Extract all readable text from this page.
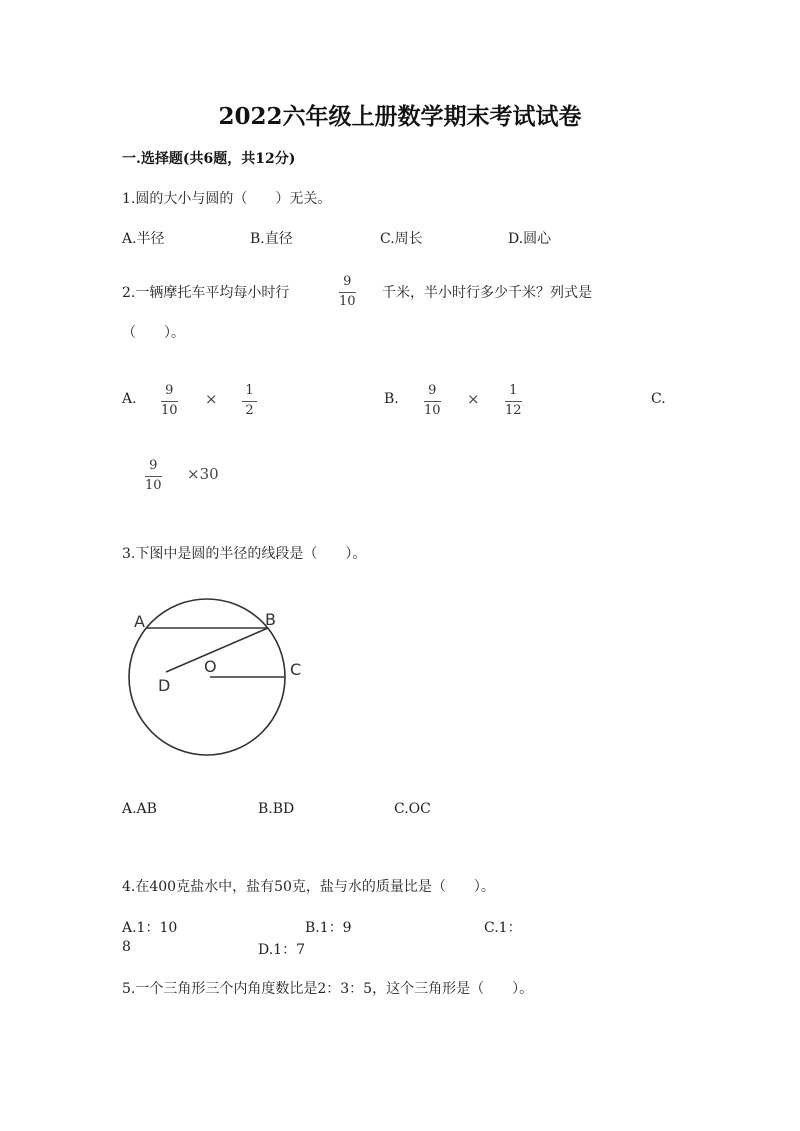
2022六年级上册数学期末考试试卷
一.选择题(共6题，共12分)
1.圆的大小与圆的（　　）无关。
A.半径	B.直径	C.周长	D.圆心
2.一辆摩托车平均每小时行
9
10
千米，半小时行多少千米？列式是
（　　）。
A.
9
10
× 1
2
B.
9
10
× 1
12
C.
9
10
×30
3.下图中是圆的半径的线段是（　　）。
A	B
C
D
O
A.AB	B.BD	C.OC
4.在400克盐水中，盐有50克，盐与水的质量比是（　　）。
A.1：10	B.1：9	C.1：
8	D.1：7
5.一个三角形三个内角度数比是2：3：5，这个三角形是（　　）。
